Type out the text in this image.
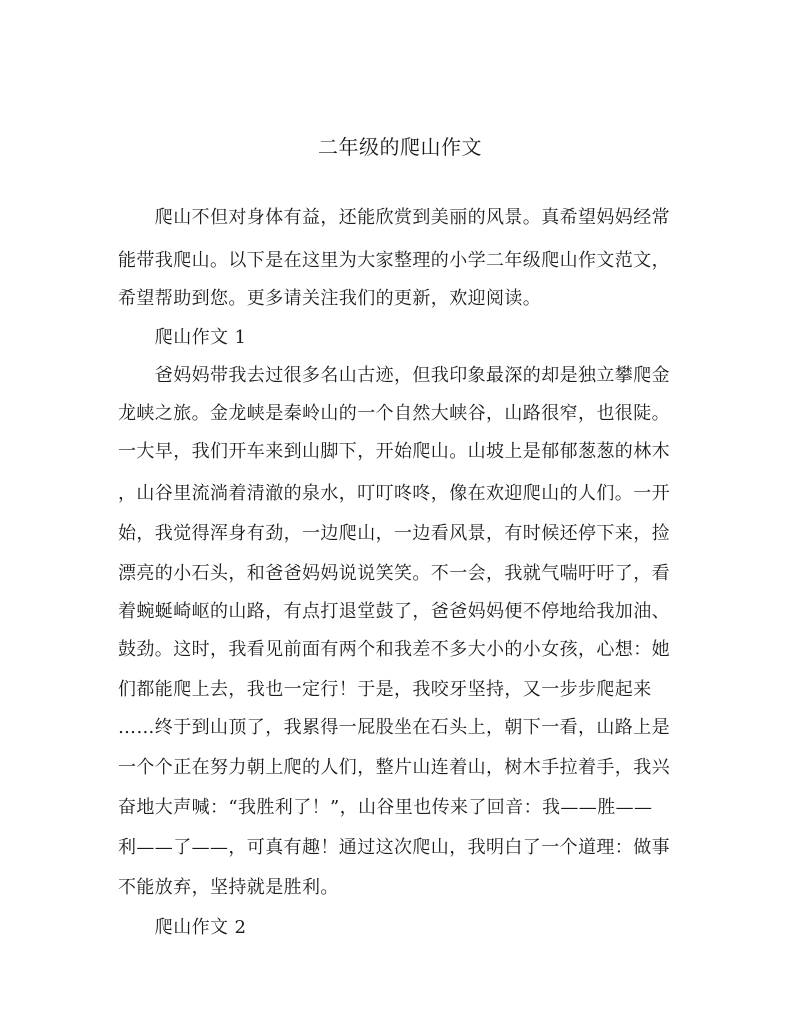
二年级的爬山作文
　　爬山不但对身体有益，还能欣赏到美丽的风景。真希望妈妈经常
能带我爬山。以下是在这里为大家整理的小学二年级爬山作文范文，
希望帮助到您。更多请关注我们的更新，欢迎阅读。
　　爬山作文 1
　　爸妈妈带我去过很多名山古迹，但我印象最深的却是独立攀爬金
龙峡之旅。金龙峡是秦岭山的一个自然大峡谷，山路很窄，也很陡。
一大早，我们开车来到山脚下，开始爬山。山坡上是郁郁葱葱的林木
，山谷里流淌着清澈的泉水，叮叮咚咚，像在欢迎爬山的人们。一开
始，我觉得浑身有劲，一边爬山，一边看风景，有时候还停下来，捡
漂亮的小石头，和爸爸妈妈说说笑笑。不一会，我就气喘吁吁了，看
着蜿蜒崎岖的山路，有点打退堂鼓了，爸爸妈妈便不停地给我加油、
鼓劲。这时，我看见前面有两个和我差不多大小的小女孩，心想：她
们都能爬上去，我也一定行！于是，我咬牙坚持，又一步步爬起来
……终于到山顶了，我累得一屁股坐在石头上，朝下一看，山路上是
一个个正在努力朝上爬的人们，整片山连着山，树木手拉着手，我兴
奋地大声喊：“我胜利了！”，山谷里也传来了回音：我——胜——
利——了——，可真有趣！通过这次爬山，我明白了一个道理：做事
不能放弃，坚持就是胜利。
　　爬山作文 2
